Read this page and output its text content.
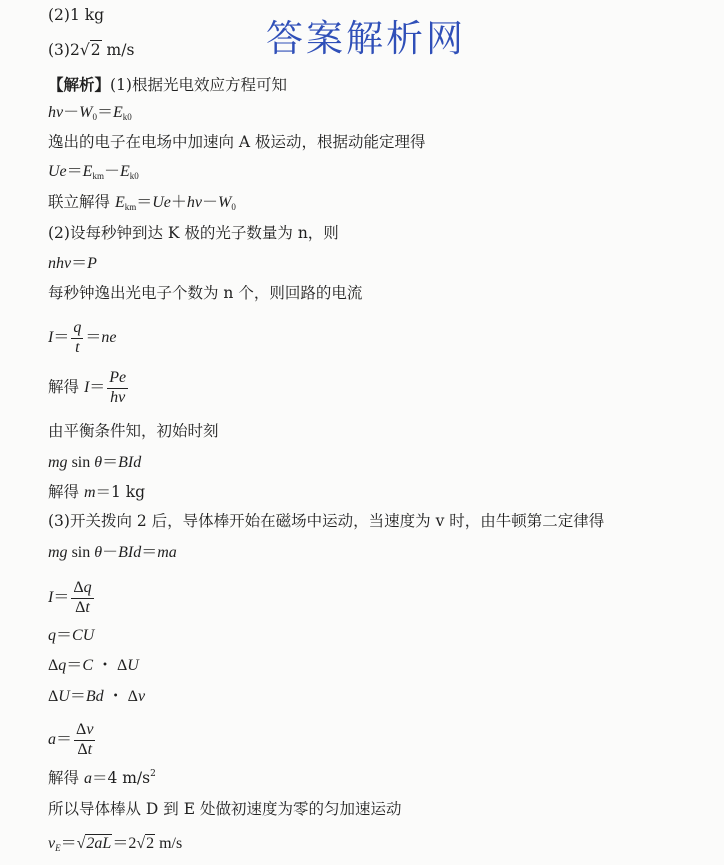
答案解析网
(2)1 kg
(3)2√2 m/s
【解析】(1)根据光电效应方程可知
$h\nu-W_0=E_{k0}$
逸出的电子在电场中加速向 A 极运动，根据动能定理得
$Ue=E_{km}-E_{k0}$
联立解得 $E_{km}=Ue+h\nu-W_0$
(2)设每秒钟到达 K 极的光子数量为 n，则
nhν＝P
每秒钟逸出光电子个数为 n 个，则回路的电流
$I= \frac{q}{t} =ne$
解得 $I= \frac{Pe}{h\nu}$
由平衡条件知，初始时刻
mg sin θ＝BId
解得 m＝1 kg
(3)开关拨向 2 后，导体棒开始在磁场中运动，当速度为 v 时，由牛顿第二定律得
mg sin θ－BId＝ma
$I= \frac{\Delta q}{\Delta t}$
q＝CU
Δq＝C ・ ΔU
ΔU＝Bd ・ Δv
$a= \frac{\Delta v}{\Delta t}$
解得 a＝4 $m/s^2$
所以导体棒从 D 到 E 处做初速度为零的匀加速运动
$v_E=√2aL=2√2$ m/s
